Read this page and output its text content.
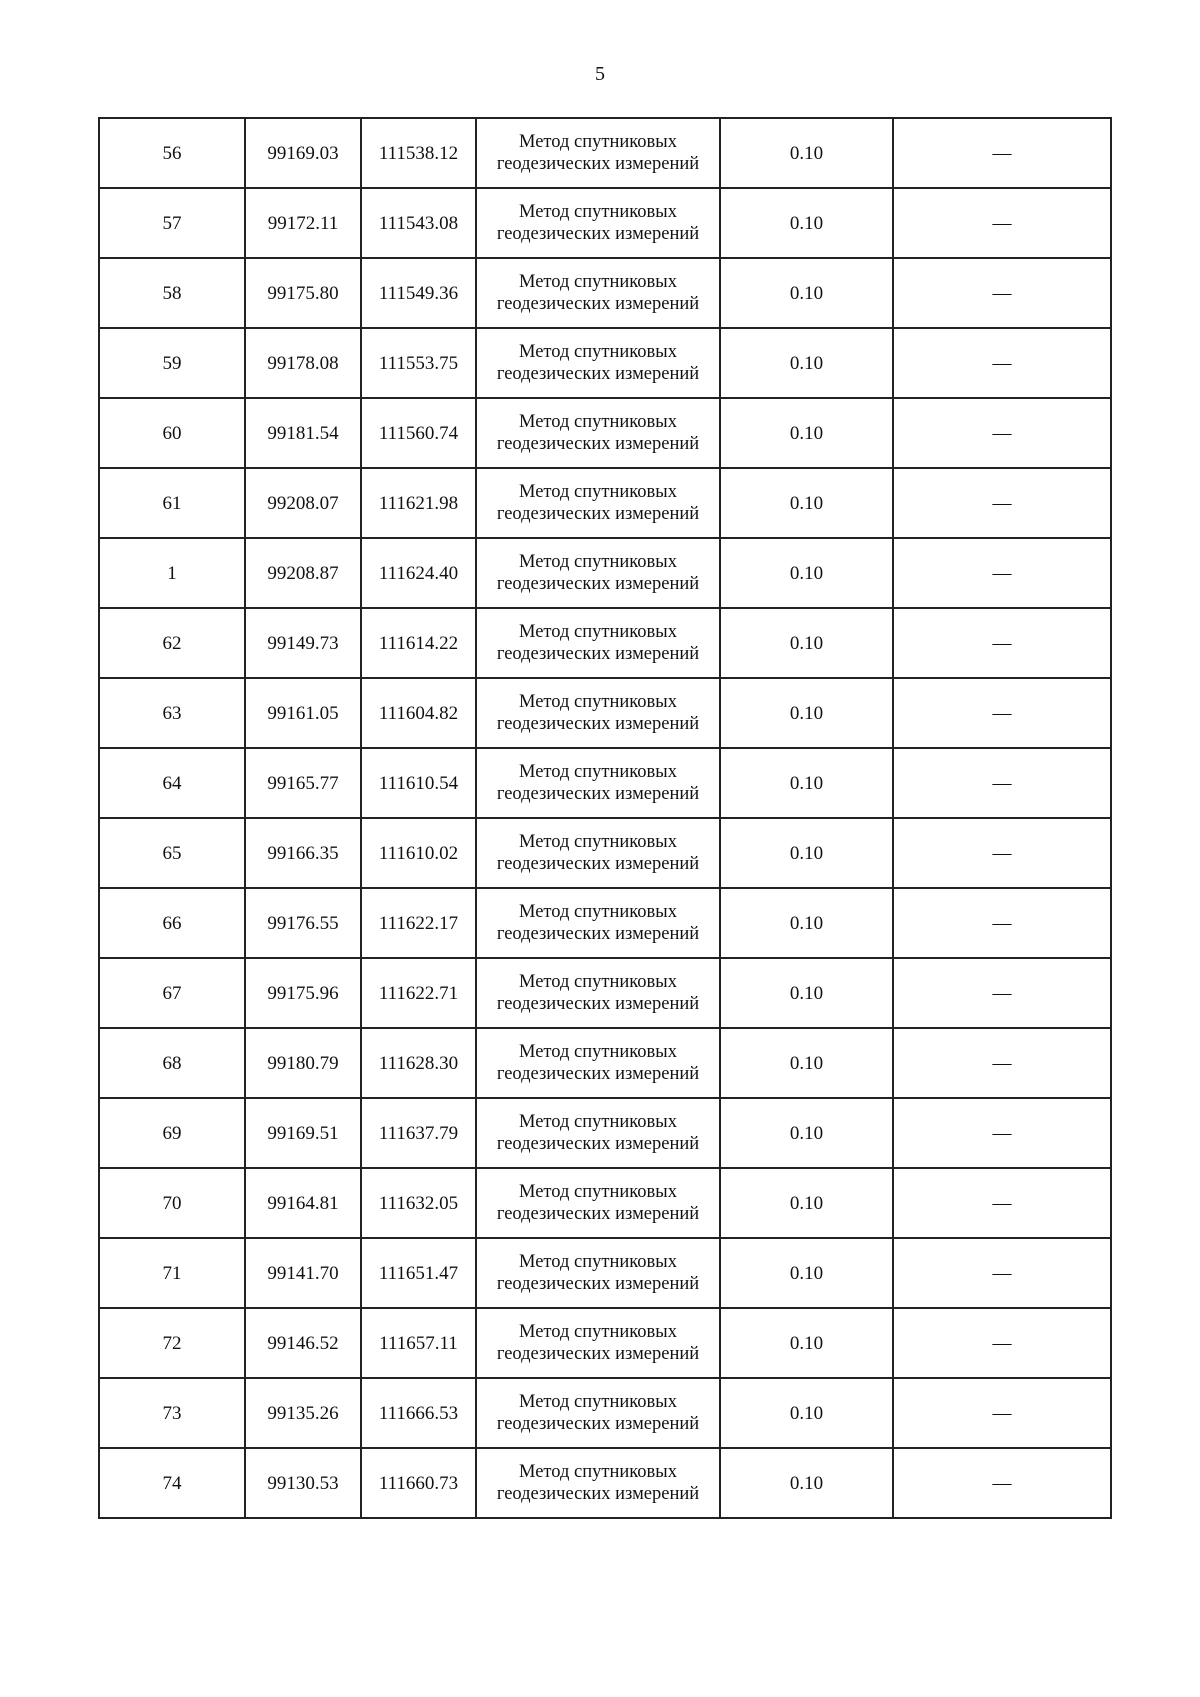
5
56	99169.03	111538.12	Метод спутниковых
геодезических измерений	0.10	—
57	99172.11	111543.08	Метод спутниковых
геодезических измерений	0.10	—
58	99175.80	111549.36	Метод спутниковых
геодезических измерений	0.10	—
59	99178.08	111553.75	Метод спутниковых
геодезических измерений	0.10	—
60	99181.54	111560.74	Метод спутниковых
геодезических измерений	0.10	—
61	99208.07	111621.98	Метод спутниковых
геодезических измерений	0.10	—
1	99208.87	111624.40	Метод спутниковых
геодезических измерений	0.10	—
62	99149.73	111614.22	Метод спутниковых
геодезических измерений	0.10	—
63	99161.05	111604.82	Метод спутниковых
геодезических измерений	0.10	—
64	99165.77	111610.54	Метод спутниковых
геодезических измерений	0.10	—
65	99166.35	111610.02	Метод спутниковых
геодезических измерений	0.10	—
66	99176.55	111622.17	Метод спутниковых
геодезических измерений	0.10	—
67	99175.96	111622.71	Метод спутниковых
геодезических измерений	0.10	—
68	99180.79	111628.30	Метод спутниковых
геодезических измерений	0.10	—
69	99169.51	111637.79	Метод спутниковых
геодезических измерений	0.10	—
70	99164.81	111632.05	Метод спутниковых
геодезических измерений	0.10	—
71	99141.70	111651.47	Метод спутниковых
геодезических измерений	0.10	—
72	99146.52	111657.11	Метод спутниковых
геодезических измерений	0.10	—
73	99135.26	111666.53	Метод спутниковых
геодезических измерений	0.10	—
74	99130.53	111660.73	Метод спутниковых
геодезических измерений	0.10	—
